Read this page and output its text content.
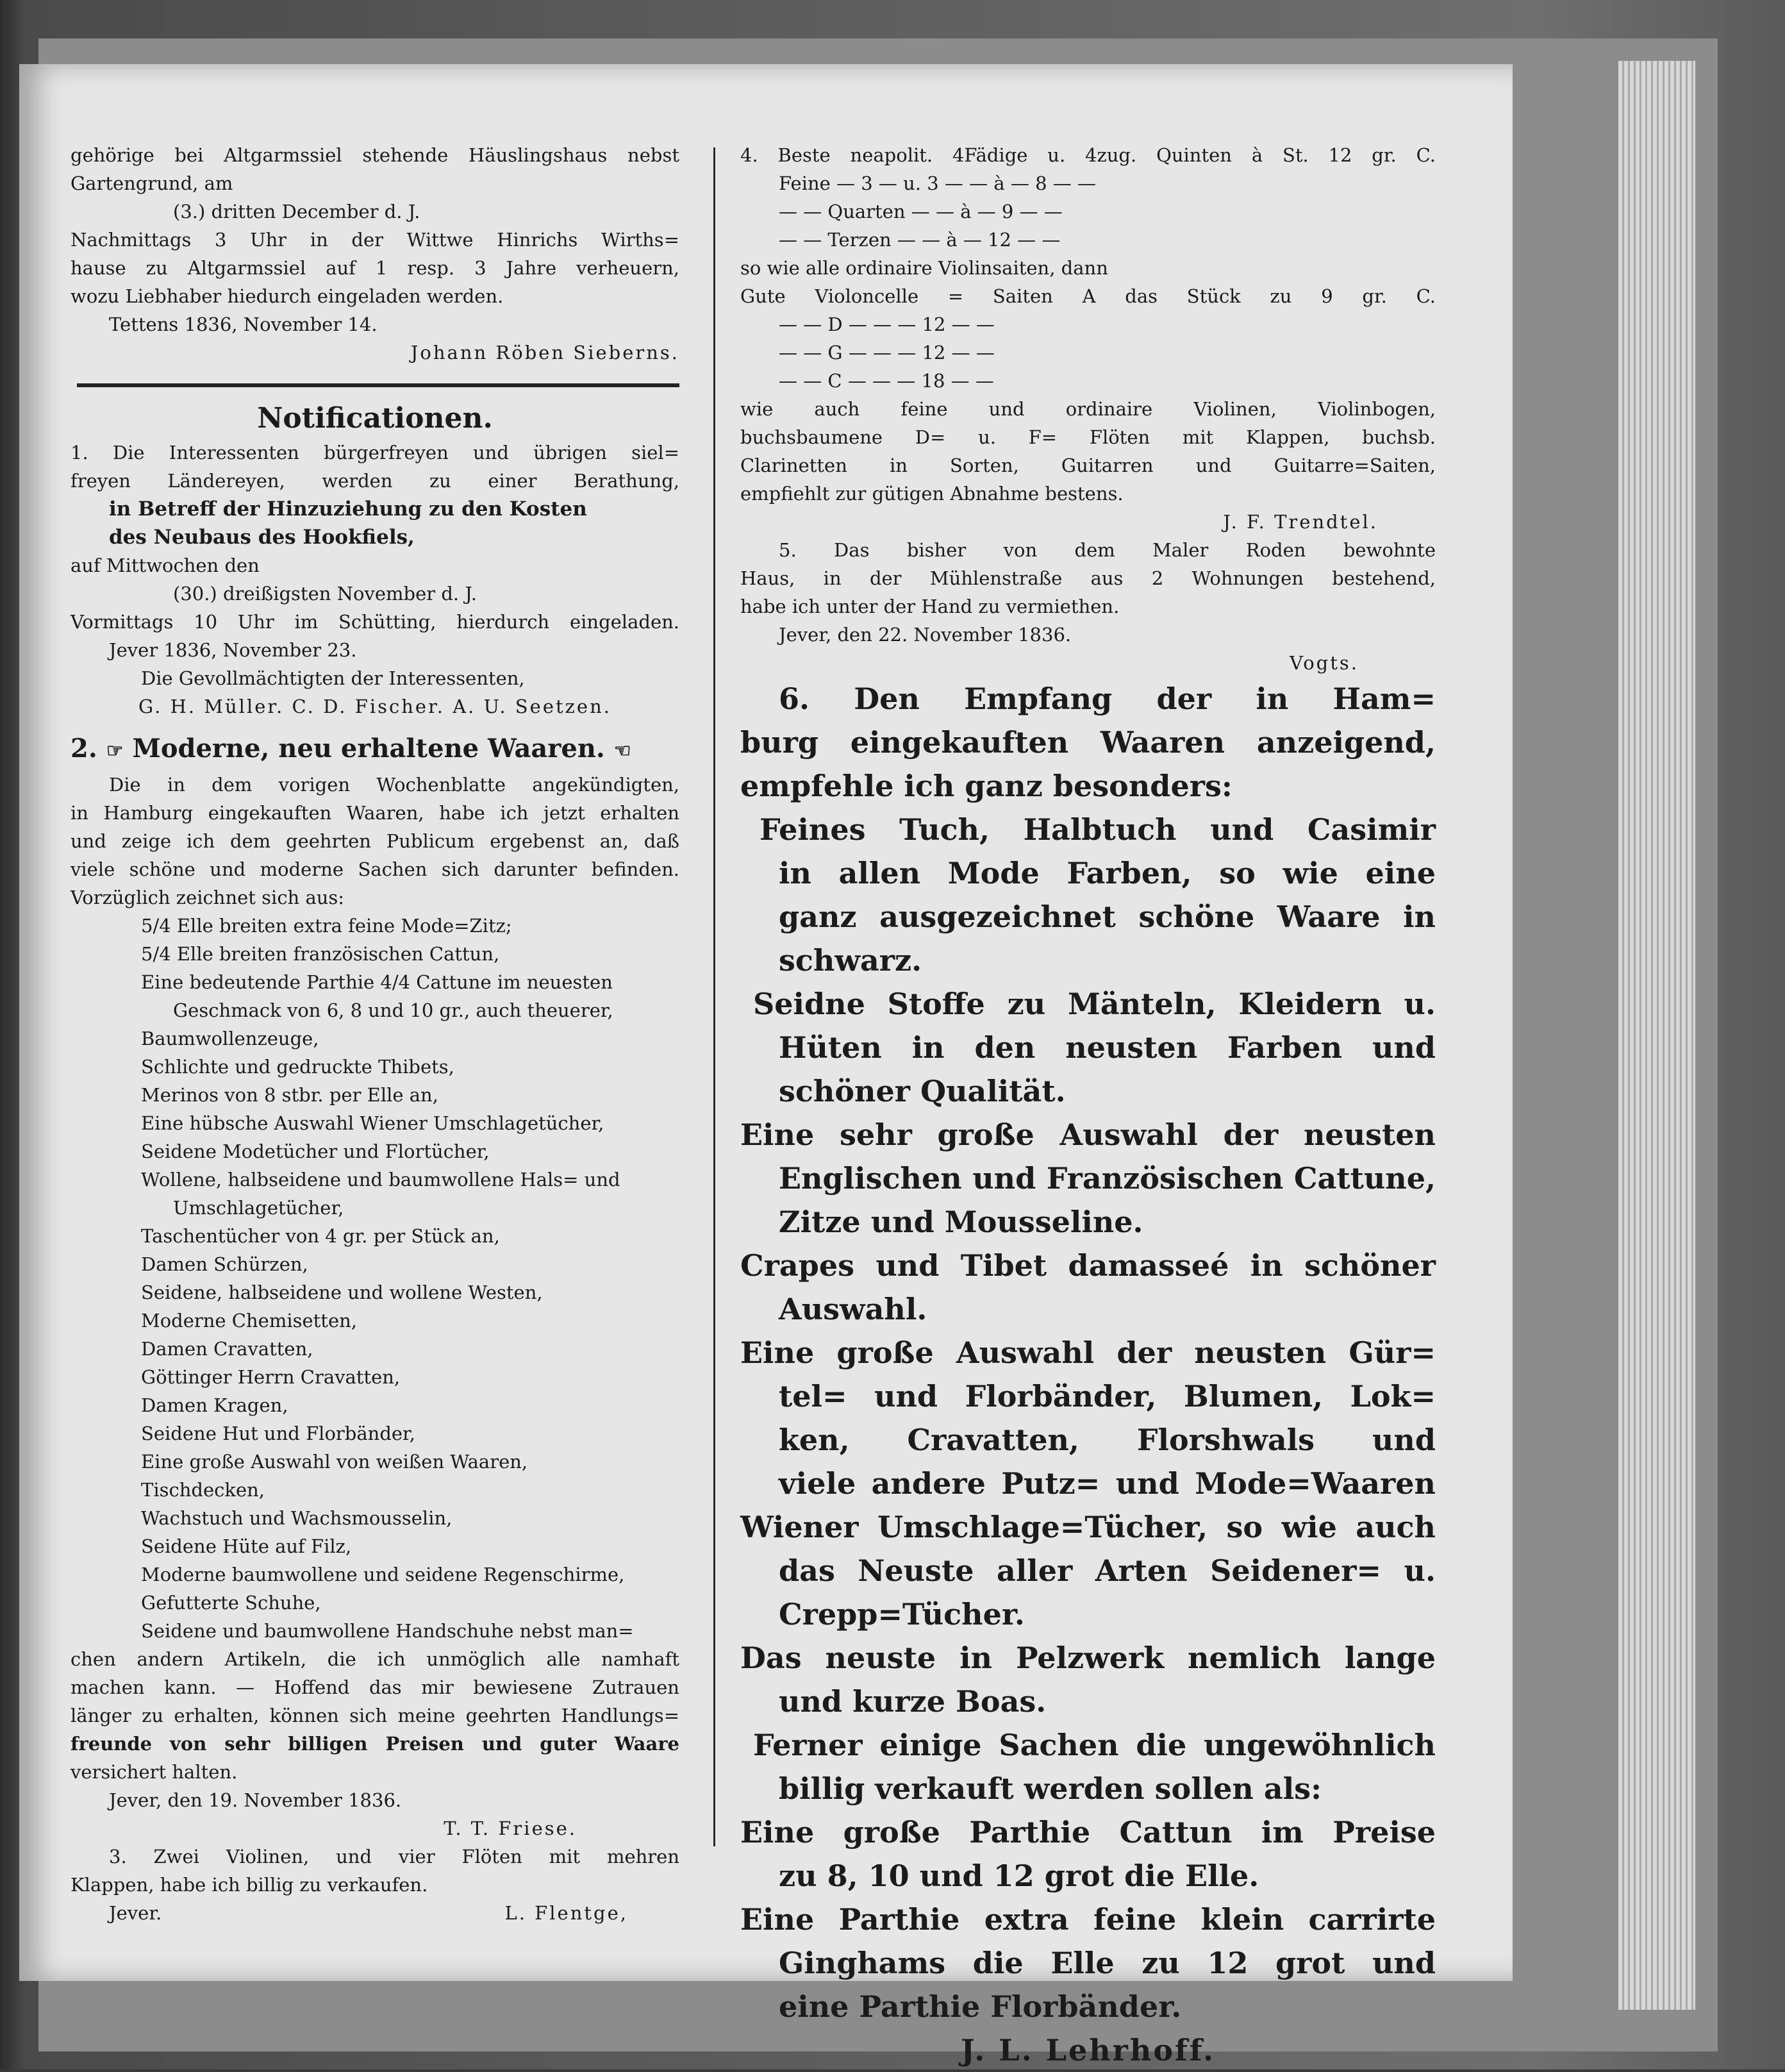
gehörige bei Altgarmssiel stehende Häuslingshaus nebst
Gartengrund, am
(3.) dritten December d. J.
Nachmittags 3 Uhr in der Wittwe Hinrichs Wirths=
hause zu Altgarmssiel auf 1 resp. 3 Jahre verheuern,
wozu Liebhaber hiedurch eingeladen werden.
Tettens 1836, November 14.
Johann Röben Sieberns.
Notificationen.
1. Die Interessenten bürgerfreyen und übrigen siel=
freyen Ländereyen, werden zu einer Berathung,
in Betreff der Hinzuziehung zu den Kosten
des Neubaus des Hookfiels,
auf Mittwochen den
(30.) dreißigsten November d. J.
Vormittags 10 Uhr im Schütting, hierdurch eingeladen.
Jever 1836, November 23.
Die Gevollmächtigten der Interessenten,
G. H. Müller. C. D. Fischer. A. U. Seetzen.
2. ☞ Moderne, neu erhaltene Waaren. ☜
Die in dem vorigen Wochenblatte angekündigten,
in Hamburg eingekauften Waaren, habe ich jetzt erhalten
und zeige ich dem geehrten Publicum ergebenst an, daß
viele schöne und moderne Sachen sich darunter befinden.
Vorzüglich zeichnet sich aus:
5/4 Elle breiten extra feine Mode=Zitz;
5/4 Elle breiten französischen Cattun,
Eine bedeutende Parthie 4/4 Cattune im neuesten
Geschmack von 6, 8 und 10 gr., auch theuerer,
Baumwollenzeuge,
Schlichte und gedruckte Thibets,
Merinos von 8 stbr. per Elle an,
Eine hübsche Auswahl Wiener Umschlagetücher,
Seidene Modetücher und Flortücher,
Wollene, halbseidene und baumwollene Hals= und
Umschlagetücher,
Taschentücher von 4 gr. per Stück an,
Damen Schürzen,
Seidene, halbseidene und wollene Westen,
Moderne Chemisetten,
Damen Cravatten,
Göttinger Herrn Cravatten,
Damen Kragen,
Seidene Hut und Florbänder,
Eine große Auswahl von weißen Waaren,
Tischdecken,
Wachstuch und Wachsmousselin,
Seidene Hüte auf Filz,
Moderne baumwollene und seidene Regenschirme,
Gefutterte Schuhe,
Seidene und baumwollene Handschuhe nebst man=
chen andern Artikeln, die ich unmöglich alle namhaft
machen kann. — Hoffend das mir bewiesene Zutrauen
länger zu erhalten, können sich meine geehrten Handlungs=
freunde von sehr billigen Preisen und guter Waare
versichert halten.
Jever, den 19. November 1836.
T. T. Friese.
3. Zwei Violinen, und vier Flöten mit mehren
Klappen, habe ich billig zu verkaufen.
Jever.	L. Flentge,
4. Beste neapolit. 4Fädige u. 4zug. Quinten à St. 12 gr. C.
Feine — 3 — u. 3 — — à — 8 — —
— — Quarten — — à — 9 — —
— — Terzen — — à — 12 — —
so wie alle ordinaire Violinsaiten, dann
Gute Violoncelle = Saiten A das Stück zu 9 gr. C.
— — D — — — 12 — —
— — G — — — 12 — —
— — C — — — 18 — —
wie auch feine und ordinaire Violinen, Violinbogen,
buchsbaumene D= u. F= Flöten mit Klappen, buchsb.
Clarinetten in Sorten, Guitarren und Guitarre=Saiten,
empfiehlt zur gütigen Abnahme bestens.
J. F. Trendtel.
5. Das bisher von dem Maler Roden bewohnte
Haus, in der Mühlenstraße aus 2 Wohnungen bestehend,
habe ich unter der Hand zu vermiethen.
Jever, den 22. November 1836.
Vogts.
6. Den Empfang der in Ham=
burg eingekauften Waaren anzeigend,
empfehle ich ganz besonders:
Feines Tuch, Halbtuch und Casimir
in allen Mode Farben, so wie eine
ganz ausgezeichnet schöne Waare in
schwarz.
Seidne Stoffe zu Mänteln, Kleidern u.
Hüten in den neusten Farben und
schöner Qualität.
Eine sehr große Auswahl der neusten
Englischen und Französischen Cattune,
Zitze und Mousseline.
Crapes und Tibet damasseé in schöner
Auswahl.
Eine große Auswahl der neusten Gür=
tel= und Florbänder, Blumen, Lok=
ken, Cravatten, Florshwals und
viele andere Putz= und Mode=Waaren
Wiener Umschlage=Tücher, so wie auch
das Neuste aller Arten Seidener= u.
Crepp=Tücher.
Das neuste in Pelzwerk nemlich lange
und kurze Boas.
Ferner einige Sachen die ungewöhnlich
billig verkauft werden sollen als:
Eine große Parthie Cattun im Preise
zu 8, 10 und 12 grot die Elle.
Eine Parthie extra feine klein carrirte
Ginghams die Elle zu 12 grot und
eine Parthie Florbänder.
J. L. Lehrhoff.
